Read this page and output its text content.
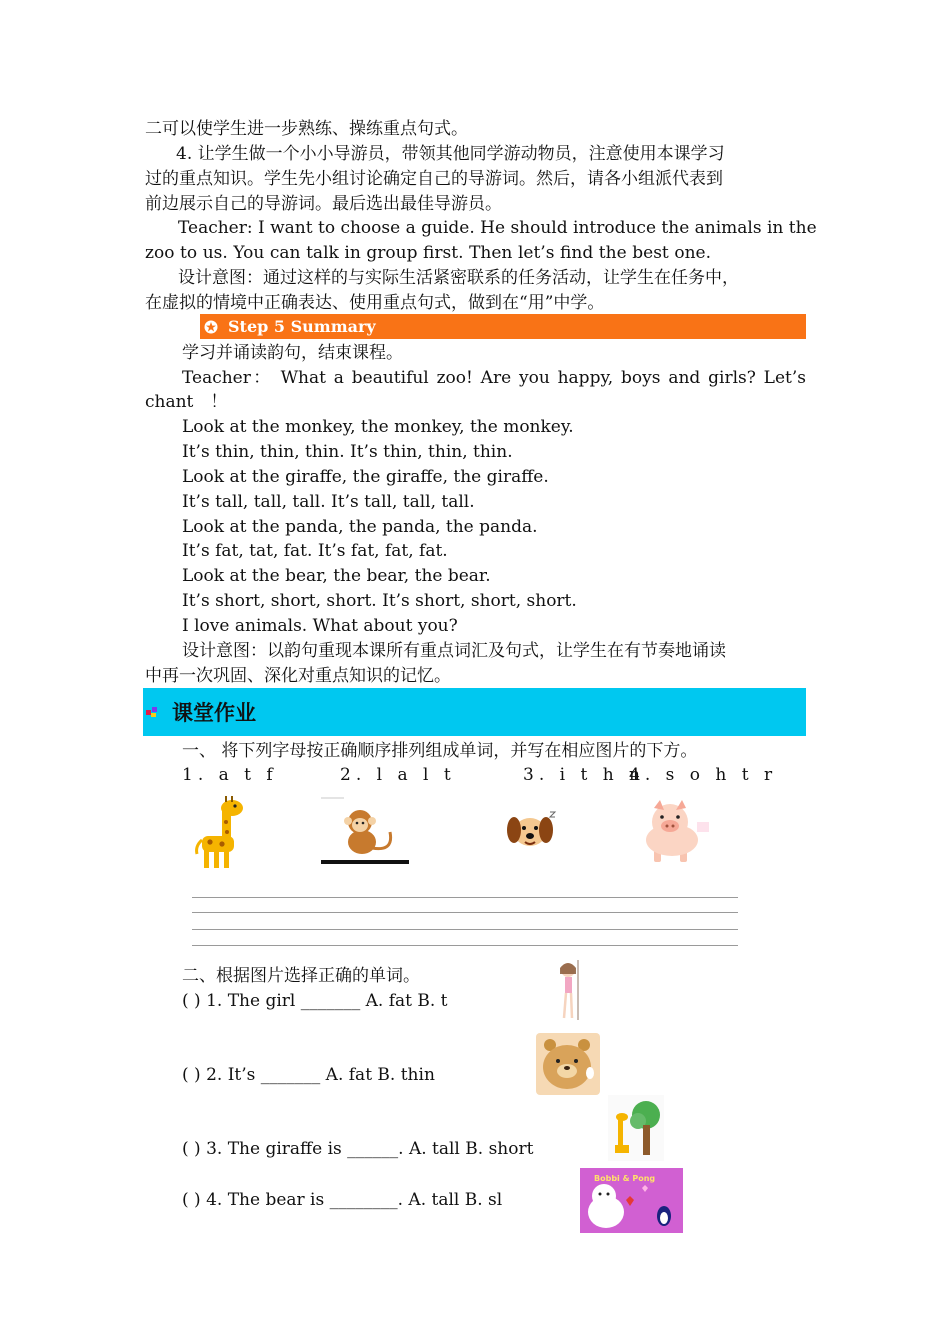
二可以使学生进一步熟练、操练重点句式。
4. 让学生做一个小小导游员，带领其他同学游动物员，注意使用本课学习
过的重点知识。学生先小组讨论确定自己的导游词。然后，请各小组派代表到
前边展示自己的导游词。最后选出最佳导游员。
Teacher: I want to choose a guide. He should introduce the animals in the
zoo to us. You can talk in group first. Then let’s find the best one.
设计意图：通过这样的与实际生活紧密联系的任务活动，让学生在任务中，
在虚拟的情境中正确表达、使用重点句式，做到在“用”中学。
Step 5 Summary
学习并诵读韵句，结束课程。
Teacher： What a beautiful zoo! Are you happy, boys and girls? Let’s
chant　！
Look at the monkey, the monkey, the monkey.
It’s thin, thin, thin. It’s thin, thin, thin.
Look at the giraffe, the giraffe, the giraffe.
It’s tall, tall, tall. It’s tall, tall, tall.
Look at the panda, the panda, the panda.
It’s fat, tat, fat. It’s fat, fat, fat.
Look at the bear, the bear, the bear.
It’s short, short, short. It’s short, short, short.
I love animals. What about you?
设计意图：以韵句重现本课所有重点词汇及句式，让学生在有节奏地诵读
中再一次巩固、深化对重点知识的记忆。
课堂作业
一、 将下列字母按正确顺序排列组成单词，并写在相应图片的下方。
1. a t f	2. l a l t	3. i t h n
4. s o h t r
二、根据图片选择正确的单词。
( ) 1. The girl _______ A. fat B. t
( ) 2. It’s _______ A. fat B. thin
( ) 3. The giraffe is ______. A. tall B. short
Bobbi & Pong
( ) 4. The bear is ________. A. tall B. sl
